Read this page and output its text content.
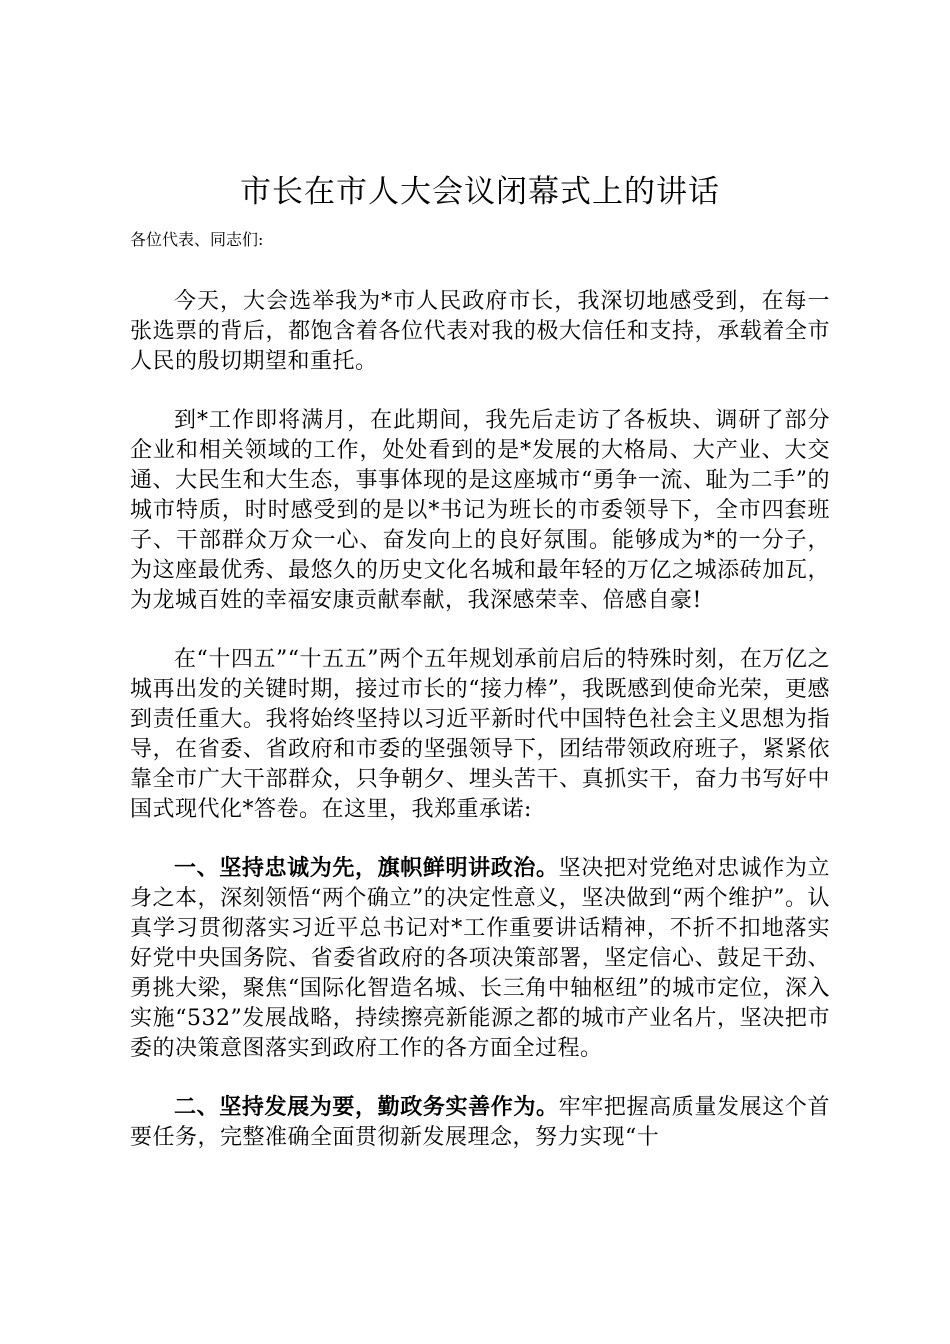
市长在市人大会议闭幕式上的讲话
各位代表、同志们:

今天，大会选举我为*市人民政府市长，我深切地感受到，在每一张选票的背后，都饱含着各位代表对我的极大信任和支持，承载着全市人民的殷切期望和重托。

到*工作即将满月，在此期间，我先后走访了各板块、调研了部分企业和相关领域的工作，处处看到的是*发展的大格局、大产业、大交通、大民生和大生态，事事体现的是这座城市“勇争一流、耻为二手”的城市特质，时时感受到的是以*书记为班长的市委领导下，全市四套班子、干部群众万众一心、奋发向上的良好氛围。能够成为*的一分子，为这座最优秀、最悠久的历史文化名城和最年轻的万亿之城添砖加瓦，为龙城百姓的幸福安康贡献奉献，我深感荣幸、倍感自豪!

在“十四五”“十五五”两个五年规划承前启后的特殊时刻，在万亿之城再出发的关键时期，接过市长的“接力棒”，我既感到使命光荣，更感到责任重大。我将始终坚持以习近平新时代中国特色社会主义思想为指导，在省委、省政府和市委的坚强领导下，团结带领政府班子，紧紧依靠全市广大干部群众，只争朝夕、埋头苦干、真抓实干，奋力书写好中国式现代化*答卷。在这里，我郑重承诺:

一、坚持忠诚为先，旗帜鲜明讲政治。坚决把对党绝对忠诚作为立身之本，深刻领悟“两个确立”的决定性意义，坚决做到“两个维护”。认真学习贯彻落实习近平总书记对*工作重要讲话精神，不折不扣地落实好党中央国务院、省委省政府的各项决策部署，坚定信心、鼓足干劲、勇挑大梁，聚焦“国际化智造名城、长三角中轴枢纽”的城市定位，深入实施“532”发展战略，持续擦亮新能源之都的城市产业名片，坚决把市委的决策意图落实到政府工作的各方面全过程。

二、坚持发展为要，勤政务实善作为。牢牢把握高质量发展这个首要任务，完整准确全面贯彻新发展理念，努力实现“十
